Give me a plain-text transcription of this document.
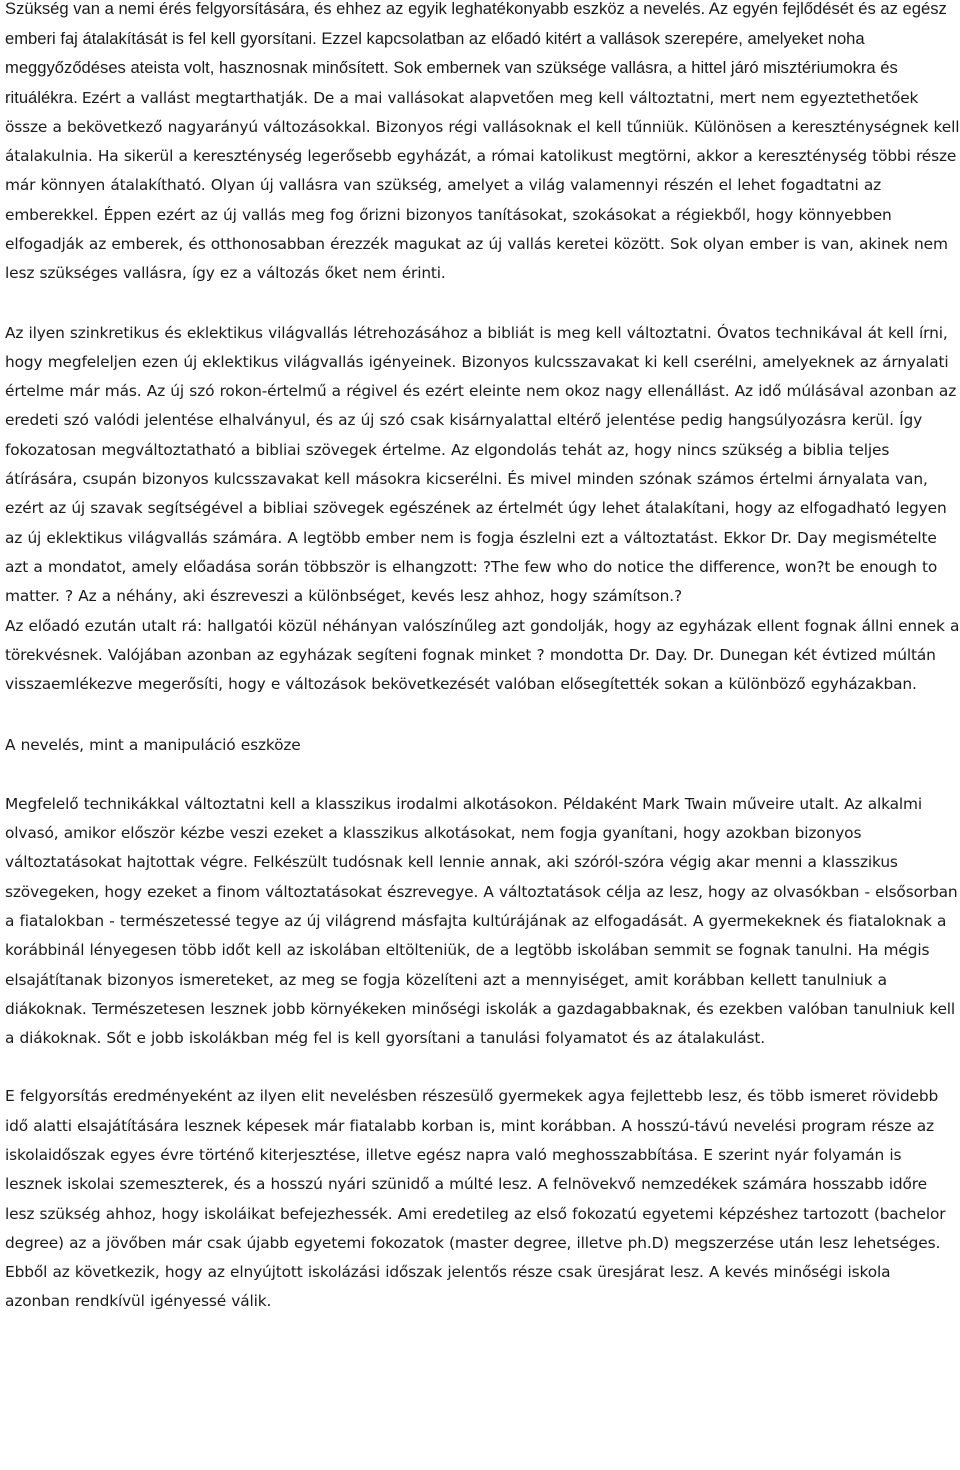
Szükség van a nemi érés felgyorsítására, és ehhez az egyik leghatékonyabb eszköz a nevelés. Az egyén fejlődését és az egész emberi faj átalakítását is fel kell gyorsítani. Ezzel kapcsolatban az előadó kitért a vallások szerepére, amelyeket noha meggyőződéses ateista volt, hasznosnak minősített. Sok embernek van szüksége vallásra, a hittel járó misztériumokra és rituálékra. Ezért a vallást megtarthatják. De a mai vallásokat alapvetően meg kell változtatni, mert nem egyeztethetőek össze a bekövetkező nagyarányú változásokkal. Bizonyos régi vallásoknak el kell tűnniük. Különösen a kereszténységnek kell átalakulnia. Ha sikerül a kereszténység legerősebb egyházát, a római katolikust megtörni, akkor a kereszténység többi része már könnyen átalakítható. Olyan új vallásra van szükség, amelyet a világ valamennyi részén el lehet fogadtatni az emberekkel. Éppen ezért az új vallás meg fog őrizni bizonyos tanításokat, szokásokat a régiekből, hogy könnyebben elfogadják az emberek, és otthonosabban érezzék magukat az új vallás keretei között. Sok olyan ember is van, akinek nem lesz szükséges vallásra, így ez a változás őket nem érinti.

Az ilyen szinkretikus és eklektikus világvallás létrehozásához a bibliát is meg kell változtatni. Óvatos technikával át kell írni, hogy megfeleljen ezen új eklektikus világvallás igényeinek. Bizonyos kulcsszavakat ki kell cserélni, amelyeknek az árnyalati értelme már más. Az új szó rokon-értelmű a régivel és ezért eleinte nem okoz nagy ellenállást. Az idő múlásával azonban az eredeti szó valódi jelentése elhalványul, és az új szó csak kisárnyalattal eltérő jelentése pedig hangsúlyozásra kerül. Így fokozatosan megváltoztatható a bibliai szövegek értelme. Az elgondolás tehát az, hogy nincs szükség a biblia teljes átírására, csupán bizonyos kulcsszavakat kell másokra kicserélni. És mivel minden szónak számos értelmi árnyalata van, ezért az új szavak segítségével a bibliai szövegek egészének az értelmét úgy lehet átalakítani, hogy az elfogadható legyen az új eklektikus világvallás számára. A legtöbb ember nem is fogja észlelni ezt a változtatást. Ekkor Dr. Day megismételte azt a mondatot, amely előadása során többször is elhangzott: ?The few who do notice the difference, won?t be enough to matter. ? Az a néhány, aki észreveszi a különbséget, kevés lesz ahhoz, hogy számítson.?

Az előadó ezután utalt rá: hallgatói közül néhányan valószínűleg azt gondolják, hogy az egyházak ellent fognak állni ennek a törekvésnek. Valójában azonban az egyházak segíteni fognak minket ? mondotta Dr. Day. Dr. Dunegan két évtized múltán visszaemlékezve megerősíti, hogy e változások bekövetkezését valóban elősegítették sokan a különböző egyházakban.

A nevelés, mint a manipuláció eszköze

Megfelelő technikákkal változtatni kell a klasszikus irodalmi alkotásokon. Példaként Mark Twain műveire utalt. Az alkalmi olvasó, amikor először kézbe veszi ezeket a klasszikus alkotásokat, nem fogja gyanítani, hogy azokban bizonyos változtatásokat hajtottak végre. Felkészült tudósnak kell lennie annak, aki szóról-szóra végig akar menni a klasszikus szövegeken, hogy ezeket a finom változtatásokat észrevegye. A változtatások célja az lesz, hogy az olvasókban - elsősorban a fiatalokban - természetessé tegye az új világrend másfajta kultúrájának az elfogadását. A gyermekeknek és fiataloknak a korábbinál lényegesen több időt kell az iskolában eltölteniük, de a legtöbb iskolában semmit se fognak tanulni. Ha mégis elsajátítanak bizonyos ismereteket, az meg se fogja közelíteni azt a mennyiséget, amit korábban kellett tanulniuk a diákoknak. Természetesen lesznek jobb környékeken minőségi iskolák a gazdagabbaknak, és ezekben valóban tanulniuk kell a diákoknak. Sőt e jobb iskolákban még fel is kell gyorsítani a tanulási folyamatot és az átalakulást.

E felgyorsítás eredményeként az ilyen elit nevelésben részesülő gyermekek agya fejlettebb lesz, és több ismeret rövidebb idő alatti elsajátítására lesznek képesek már fiatalabb korban is, mint korábban. A hosszú-távú nevelési program része az iskolaidőszak egyes évre történő kiterjesztése, illetve egész napra való meghosszabbítása. E szerint nyár folyamán is lesznek iskolai szemeszterek, és a hosszú nyári szünidő a múlté lesz. A felnövekvő nemzedékek számára hosszabb időre lesz szükség ahhoz, hogy iskoláikat befejezhessék. Ami eredetileg az első fokozatú egyetemi képzéshez tartozott (bachelor degree) az a jövőben már csak újabb egyetemi fokozatok (master degree, illetve ph.D) megszerzése után lesz lehetséges. Ebből az következik, hogy az elnyújtott iskolázási időszak jelentős része csak üresjárat lesz. A kevés minőségi iskola azonban rendkívül igényessé válik.
